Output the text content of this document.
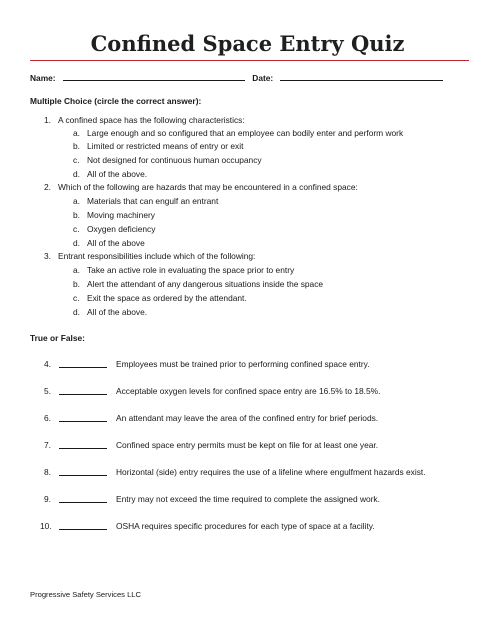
Confined Space Entry Quiz
Name:	Date:
Multiple Choice (circle the correct answer):
1. A confined space has the following characteristics:
a. Large enough and so configured that an employee can bodily enter and perform work
b. Limited or restricted means of entry or exit
c. Not designed for continuous human occupancy
d. All of the above.
2. Which of the following are hazards that may be encountered in a confined space:
a. Materials that can engulf an entrant
b. Moving machinery
c. Oxygen deficiency
d. All of the above
3. Entrant responsibilities include which of the following:
a. Take an active role in evaluating the space prior to entry
b. Alert the attendant of any dangerous situations inside the space
c. Exit the space as ordered by the attendant.
d. All of the above.
True or False:
4.	Employees must be trained prior to performing confined space entry.
5.	Acceptable oxygen levels for confined space entry are 16.5% to 18.5%.
6.	An attendant may leave the area of the confined entry for brief periods.
7.	Confined space entry permits must be kept on file for at least one year.
8.	Horizontal (side) entry requires the use of a lifeline where engulfment hazards exist.
9.	Entry may not exceed the time required to complete the assigned work.
10.	OSHA requires specific procedures for each type of space at a facility.
Progressive Safety Services LLC
